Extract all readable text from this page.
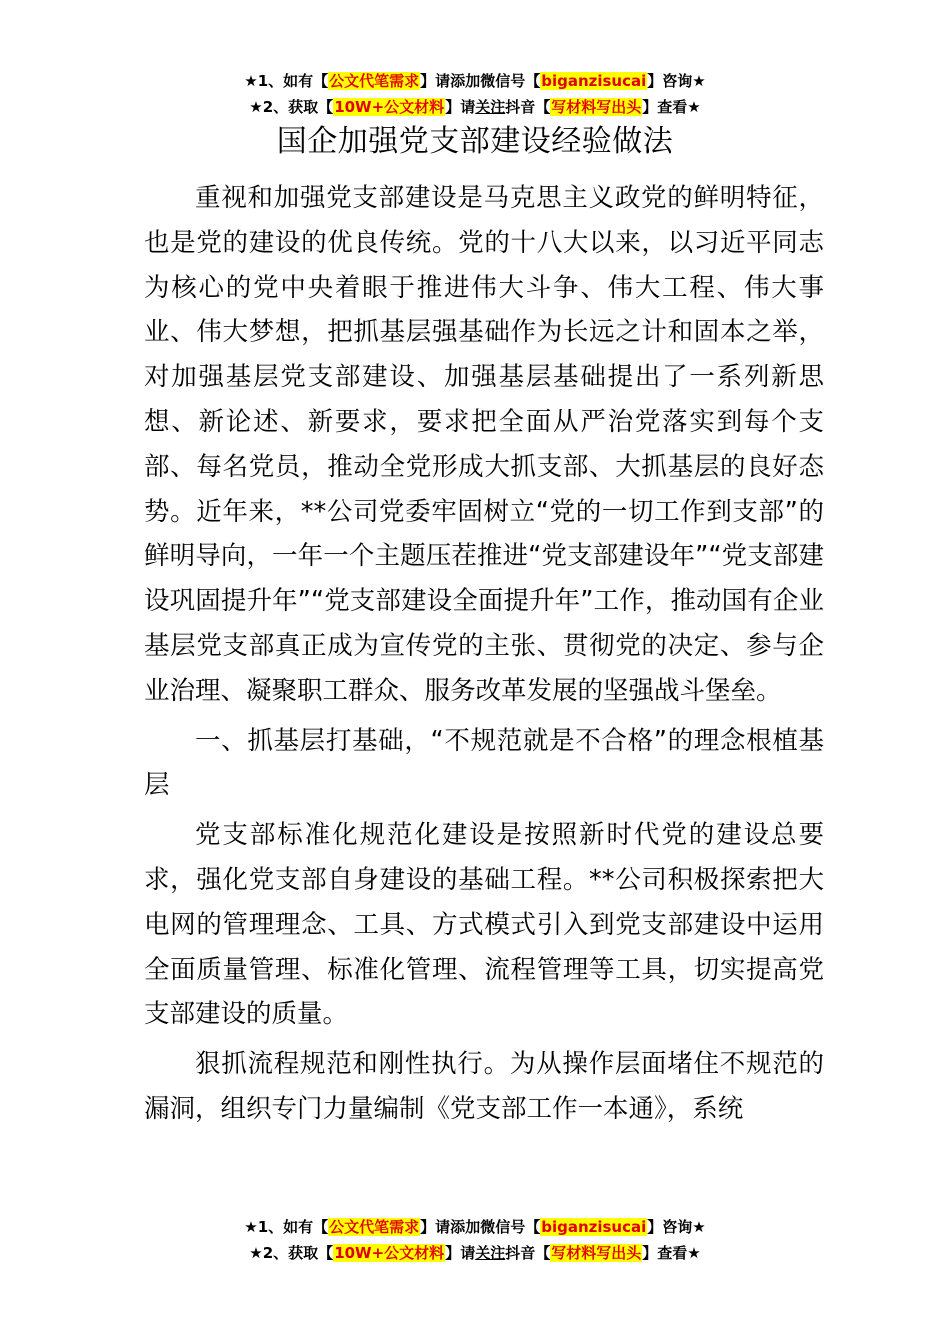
★1、如有【公文代笔需求】请添加微信号【biganzisucai】咨询★
★2、获取【10W+公文材料】请关注抖音【写材料写出头】查看★
国企加强党支部建设经验做法

重视和加强党支部建设是马克思主义政党的鲜明特征，也是党的建设的优良传统。党的十八大以来，以习近平同志为核心的党中央着眼于推进伟大斗争、伟大工程、伟大事业、伟大梦想，把抓基层强基础作为长远之计和固本之举，对加强基层党支部建设、加强基层基础提出了一系列新思想、新论述、新要求，要求把全面从严治党落实到每个支部、每名党员，推动全党形成大抓支部、大抓基层的良好态势。近年来，**公司党委牢固树立“党的一切工作到支部”的鲜明导向，一年一个主题压茬推进“党支部建设年”“党支部建设巩固提升年”“党支部建设全面提升年”工作，推动国有企业基层党支部真正成为宣传党的主张、贯彻党的决定、参与企业治理、凝聚职工群众、服务改革发展的坚强战斗堡垒。

一、抓基层打基础，“不规范就是不合格”的理念根植基层

党支部标准化规范化建设是按照新时代党的建设总要求，强化党支部自身建设的基础工程。**公司积极探索把大电网的管理理念、工具、方式模式引入到党支部建设中运用全面质量管理、标准化管理、流程管理等工具，切实提高党支部建设的质量。

狠抓流程规范和刚性执行。为从操作层面堵住不规范的漏洞，组织专门力量编制《党支部工作一本通》，系统

★1、如有【公文代笔需求】请添加微信号【biganzisucai】咨询★
★2、获取【10W+公文材料】请关注抖音【写材料写出头】查看★
